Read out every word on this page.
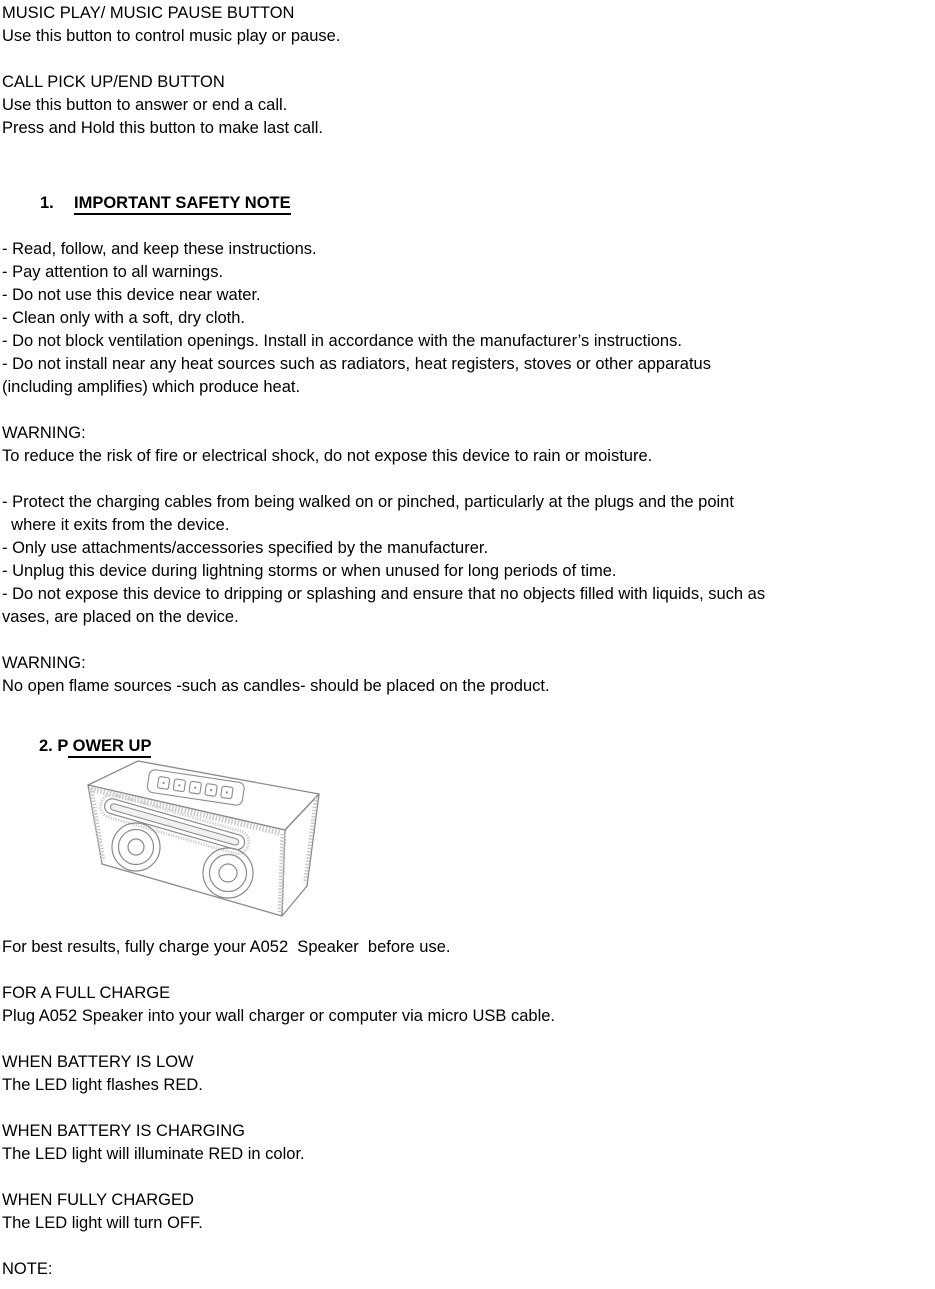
MUSIC PLAY/ MUSIC PAUSE BUTTON
Use this button to control music play or pause.
CALL PICK UP/END BUTTON
Use this button to answer or end a call.
Press and Hold this button to make last call.
1. IMPORTANT SAFETY NOTE
- Read, follow, and keep these instructions.
- Pay attention to all warnings.
- Do not use this device near water.
- Clean only with a soft, dry cloth.
- Do not block ventilation openings. Install in accordance with the manufacturer’s instructions.
- Do not install near any heat sources such as radiators, heat registers, stoves or other apparatus
(including amplifies) which produce heat.
WARNING:
To reduce the risk of fire or electrical shock, do not expose this device to rain or moisture.
- Protect the charging cables from being walked on or pinched, particularly at the plugs and the point
where it exits from the device.
- Only use attachments/accessories specified by the manufacturer.
- Unplug this device during lightning storms or when unused for long periods of time.
- Do not expose this device to dripping or splashing and ensure that no objects filled with liquids, such as
vases, are placed on the device.
WARNING:
No open flame sources -such as candles- should be placed on the product.
2. P OWER UP
For best results, fully charge your A052  Speaker  before use.
FOR A FULL CHARGE
Plug A052 Speaker into your wall charger or computer via micro USB cable.
WHEN BATTERY IS LOW
The LED light flashes RED.
WHEN BATTERY IS CHARGING
The LED light will illuminate RED in color.
WHEN FULLY CHARGED
The LED light will turn OFF.
NOTE:
